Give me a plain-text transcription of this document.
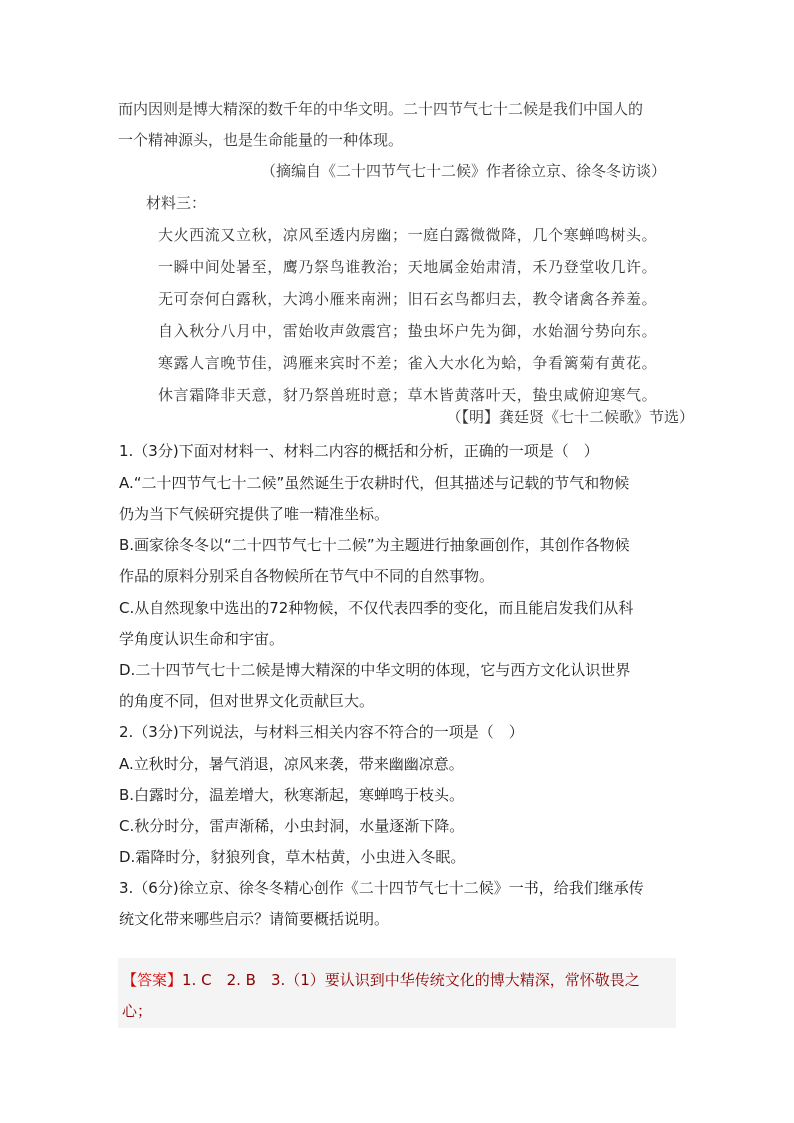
而内因则是博大精深的数千年的中华文明。二十四节气七十二候是我们中国人的
一个精神源头，也是生命能量的一种体现。
（摘编自《二十四节气七十二候》作者徐立京、徐冬冬访谈）
材料三：
大火西流又立秋，凉风至透内房幽；一庭白露微微降，几个寒蝉鸣树头。
一瞬中间处暑至，鹰乃祭鸟谁教治；天地属金始肃清，禾乃登堂收几许。
无可奈何白露秋，大鸿小雁来南洲；旧石玄鸟都归去，教令诸禽各养羞。
自入秋分八月中，雷始收声敛震宫；蛰虫坏户先为御，水始涸兮势向东。
寒露人言晚节佳，鸿雁来宾时不差；雀入大水化为蛤，争看篱菊有黄花。
休言霜降非天意，豺乃祭兽班时意；草木皆黄落叶天，蛰虫咸俯迎寒气。
（【明】龚廷贤《七十二候歌》节选）
1.（3分)下面对材料一、材料二内容的概括和分析，正确的一项是（　）
A.“二十四节气七十二候”虽然诞生于农耕时代，但其描述与记载的节气和物候
仍为当下气候研究提供了唯一精准坐标。
B.画家徐冬冬以“二十四节气七十二候”为主题进行抽象画创作，其创作各物候
作品的原料分别采自各物候所在节气中不同的自然事物。
C.从自然现象中选出的72种物候，不仅代表四季的变化，而且能启发我们从科
学角度认识生命和宇宙。
D.二十四节气七十二候是博大精深的中华文明的体现，它与西方文化认识世界
的角度不同，但对世界文化贡献巨大。
2.（3分)下列说法，与材料三相关内容不符合的一项是（　）
A.立秋时分，暑气消退，凉风来袭，带来幽幽凉意。
B.白露时分，温差增大，秋寒渐起，寒蝉鸣于枝头。
C.秋分时分，雷声渐稀，小虫封洞，水量逐渐下降。
D.霜降时分，豺狼列食，草木枯黄，小虫进入冬眠。
3.（6分)徐立京、徐冬冬精心创作《二十四节气七十二候》一书，给我们继承传
统文化带来哪些启示？请简要概括说明。
【答案】1. C　2. B　3.（1）要认识到中华传统文化的博大精深，常怀敬畏之
心；
